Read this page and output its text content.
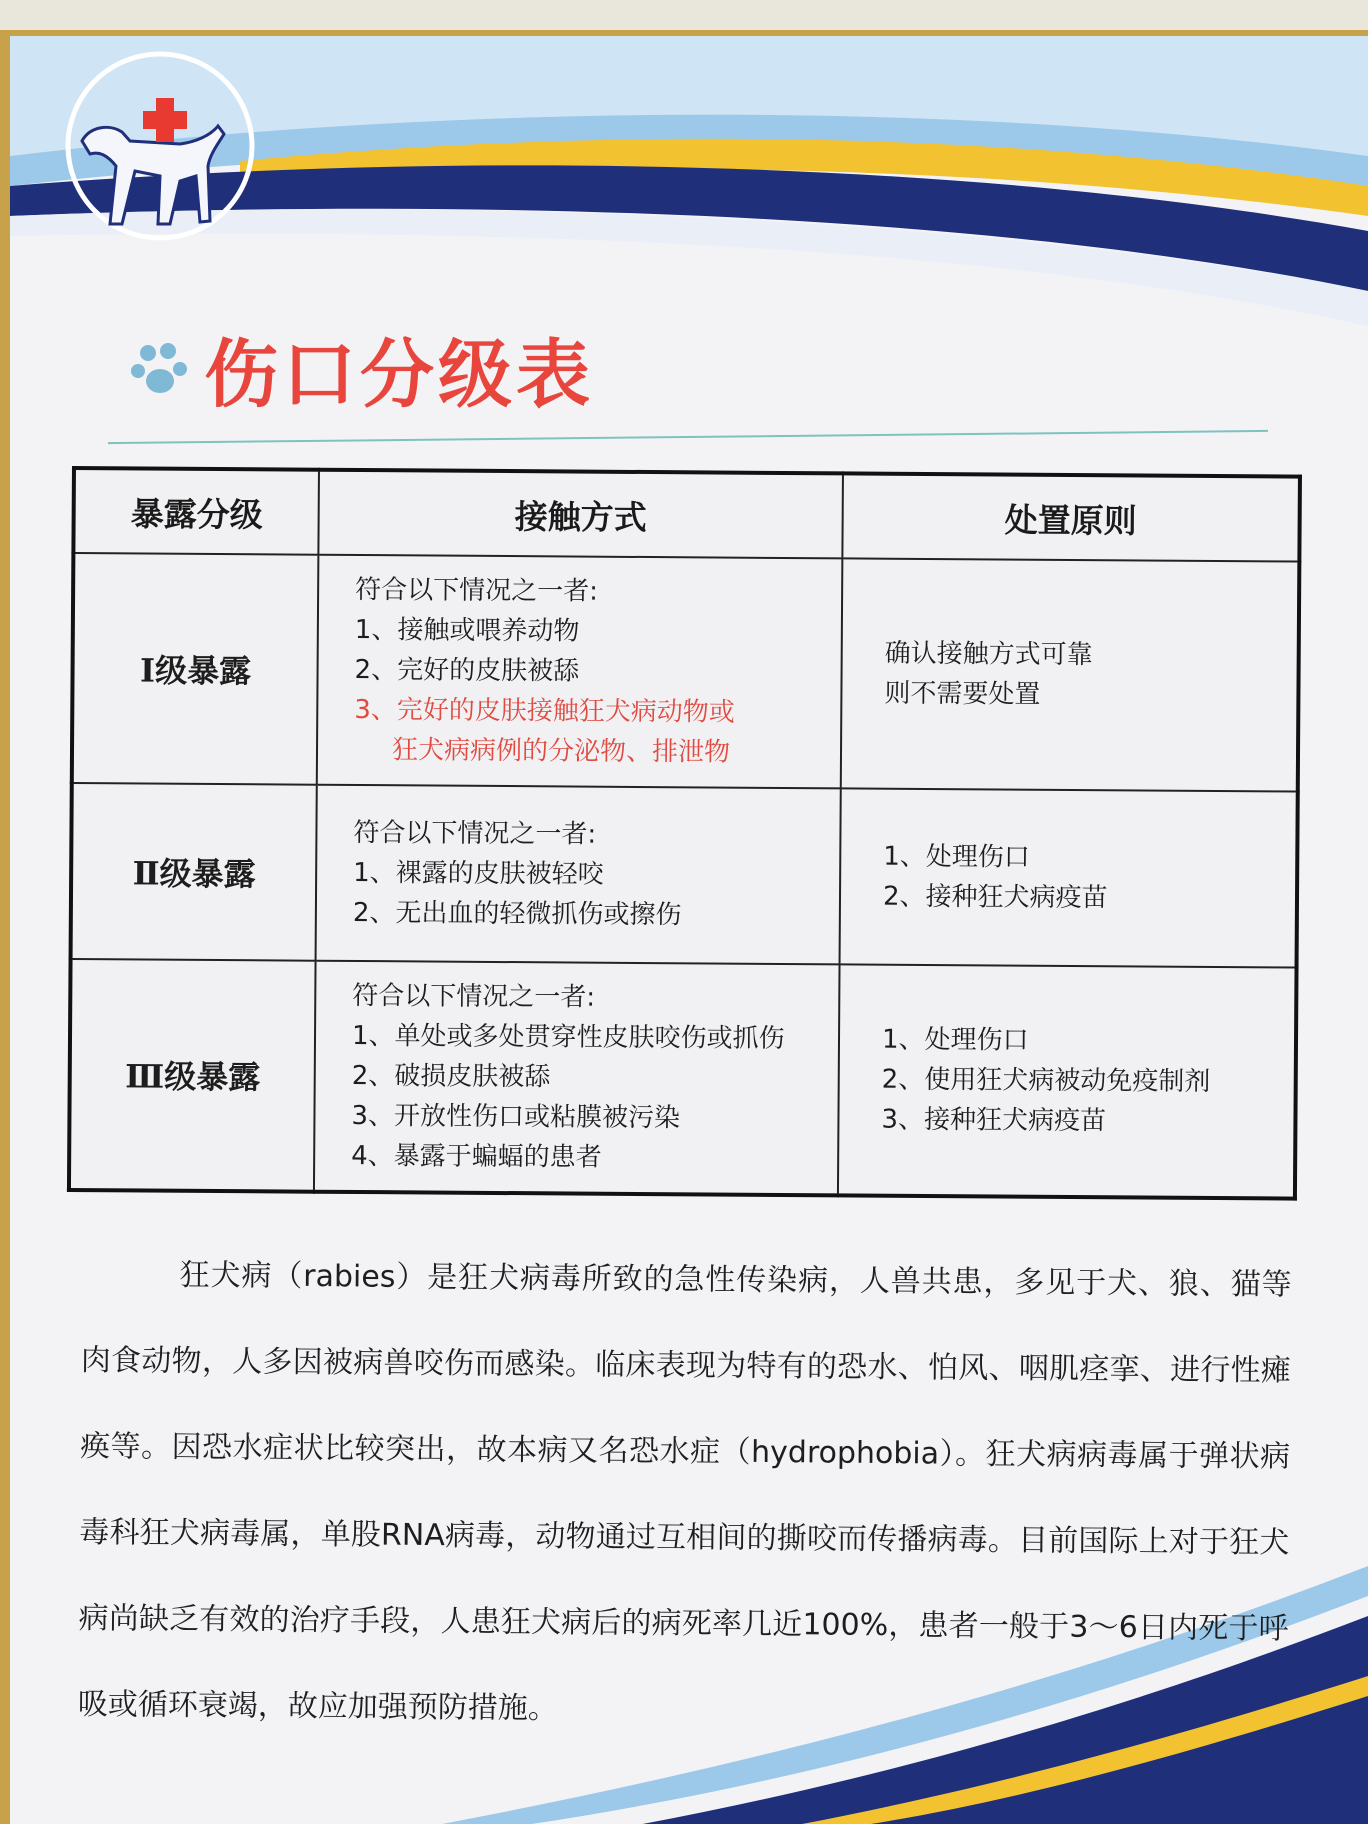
伤口分级表
暴露分级	接触方式	处置原则
Ⅰ级暴露	符合以下情况之一者:
1、接触或喂养动物
2、完好的皮肤被舔
3、完好的皮肤接触狂犬病动物或
狂犬病病例的分泌物、排泄物	确认接触方式可靠
则不需要处置

Ⅱ级暴露	符合以下情况之一者:
1、裸露的皮肤被轻咬
2、无出血的轻微抓伤或擦伤	1、处理伤口
2、接种狂犬病疫苗

Ⅲ级暴露	符合以下情况之一者:
1、单处或多处贯穿性皮肤咬伤或抓伤
2、破损皮肤被舔
3、开放性伤口或粘膜被污染
4、暴露于蝙蝠的患者	1、处理伤口
2、使用狂犬病被动免疫制剂
3、接种狂犬病疫苗
狂犬病（rabies）是狂犬病毒所致的急性传染病，人兽共患，多见于犬、狼、猫等肉食动物，人多因被病兽咬伤而感染。临床表现为特有的恐水、怕风、咽肌痉挛、进行性瘫痪等。因恐水症状比较突出，故本病又名恐水症（hydrophobia）。狂犬病病毒属于弹状病毒科狂犬病毒属，单股RNA病毒，动物通过互相间的撕咬而传播病毒。目前国际上对于狂犬病尚缺乏有效的治疗手段，人患狂犬病后的病死率几近100%，患者一般于3～6日内死于呼吸或循环衰竭，故应加强预防措施。
